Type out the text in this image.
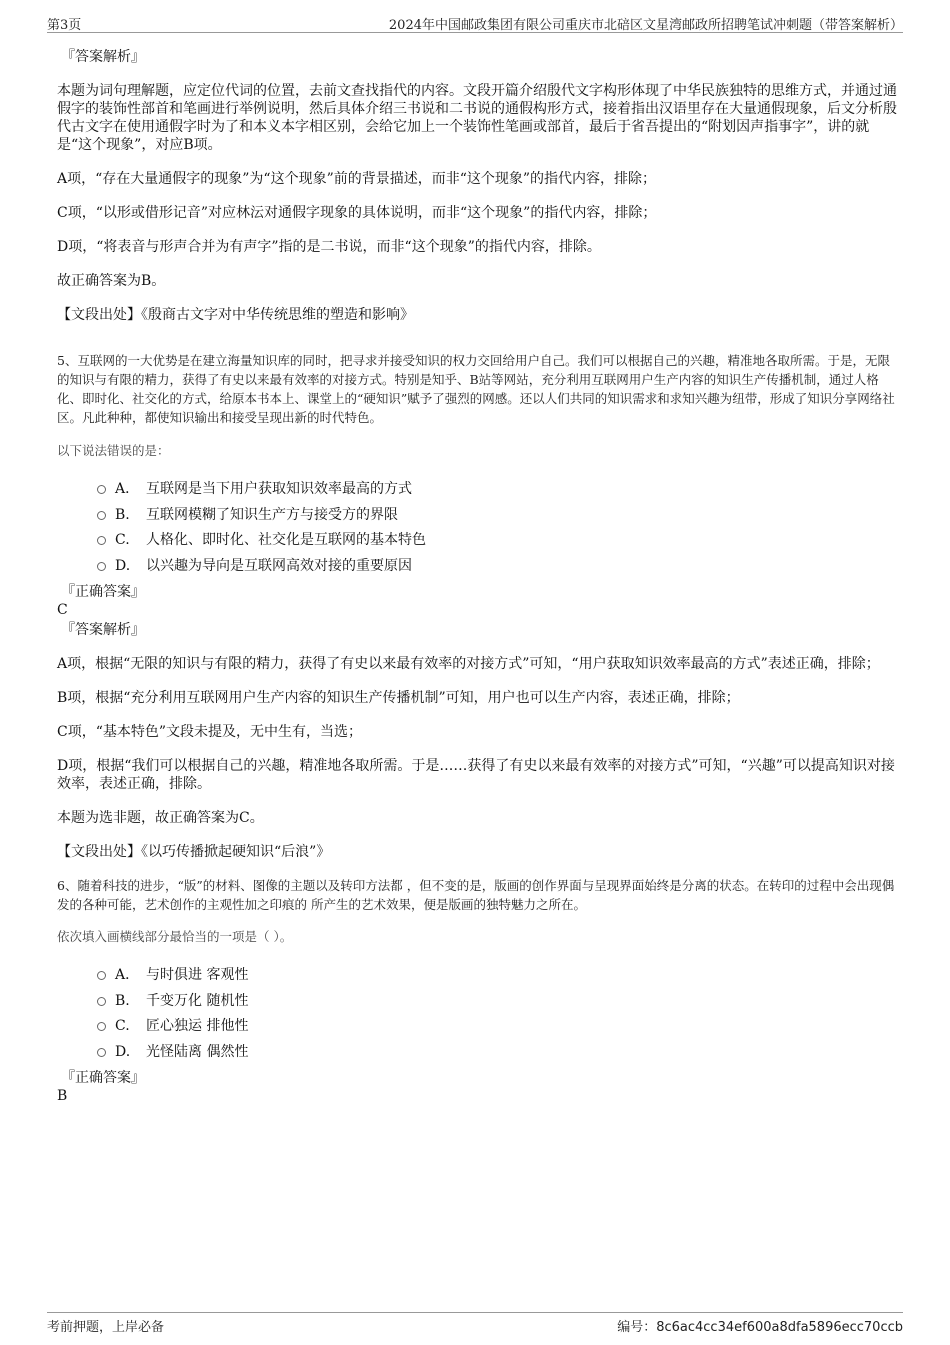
第3页	2024年中国邮政集团有限公司重庆市北碚区文星湾邮政所招聘笔试冲刺题（带答案解析）

『答案解析』

本题为词句理解题，应定位代词的位置，去前文查找指代的内容。文段开篇介绍殷代文字构形体现了中华民族独特的思维方式，并通过通假字的装饰性部首和笔画进行举例说明，然后具体介绍三书说和二书说的通假构形方式，接着指出汉语里存在大量通假现象，后文分析殷代古文字在使用通假字时为了和本义本字相区别，会给它加上一个装饰性笔画或部首，最后于省吾提出的“附划因声指事字”，讲的就是“这个现象”，对应B项。

A项，“存在大量通假字的现象”为“这个现象”前的背景描述，而非“这个现象”的指代内容，排除；

C项，“以形或借形记音”对应林沄对通假字现象的具体说明，而非“这个现象”的指代内容，排除；

D项，“将表音与形声合并为有声字”指的是二书说，而非“这个现象”的指代内容，排除。

故正确答案为B。

【文段出处】《殷商古文字对中华传统思维的塑造和影响》

5、互联网的一大优势是在建立海量知识库的同时，把寻求并接受知识的权力交回给用户自己。我们可以根据自己的兴趣，精准地各取所需。于是，无限的知识与有限的精力，获得了有史以来最有效率的对接方式。特别是知乎、B站等网站，充分利用互联网用户生产内容的知识生产传播机制，通过人格化、即时化、社交化的方式，给原本书本上、课堂上的“硬知识”赋予了强烈的网感。还以人们共同的知识需求和求知兴趣为纽带，形成了知识分享网络社区。凡此种种，都使知识输出和接受呈现出新的时代特色。

以下说法错误的是：

A． 互联网是当下用户获取知识效率最高的方式
B. 互联网模糊了知识生产方与接受方的界限
C. 人格化、即时化、社交化是互联网的基本特色
D. 以兴趣为导向是互联网高效对接的重要原因

『正确答案』

C

『答案解析』

A项，根据“无限的知识与有限的精力，获得了有史以来最有效率的对接方式”可知，“用户获取知识效率最高的方式”表述正确，排除；

B项，根据“充分利用互联网用户生产内容的知识生产传播机制”可知，用户也可以生产内容，表述正确，排除；

C项，“基本特色”文段未提及，无中生有，当选；

D项，根据“我们可以根据自己的兴趣，精准地各取所需。于是……获得了有史以来最有效率的对接方式”可知，“兴趣”可以提高知识对接效率，表述正确，排除。

本题为选非题，故正确答案为C。

【文段出处】《以巧传播掀起硬知识“后浪”》

6、随着科技的进步，“版”的材料、图像的主题以及转印方法都 ，但不变的是，版画的创作界面与呈现界面始终是分离的状态。在转印的过程中会出现偶发的各种可能，艺术创作的主观性加之印痕的 所产生的艺术效果，便是版画的独特魅力之所在。

依次填入画横线部分最恰当的一项是（ ）。

A． 与时俱进 客观性
B. 千变万化 随机性
C. 匠心独运 排他性
D. 光怪陆离 偶然性

『正确答案』

B

考前押题，上岸必备	编号：8c6ac4cc34ef600a8dfa5896ecc70ccb
